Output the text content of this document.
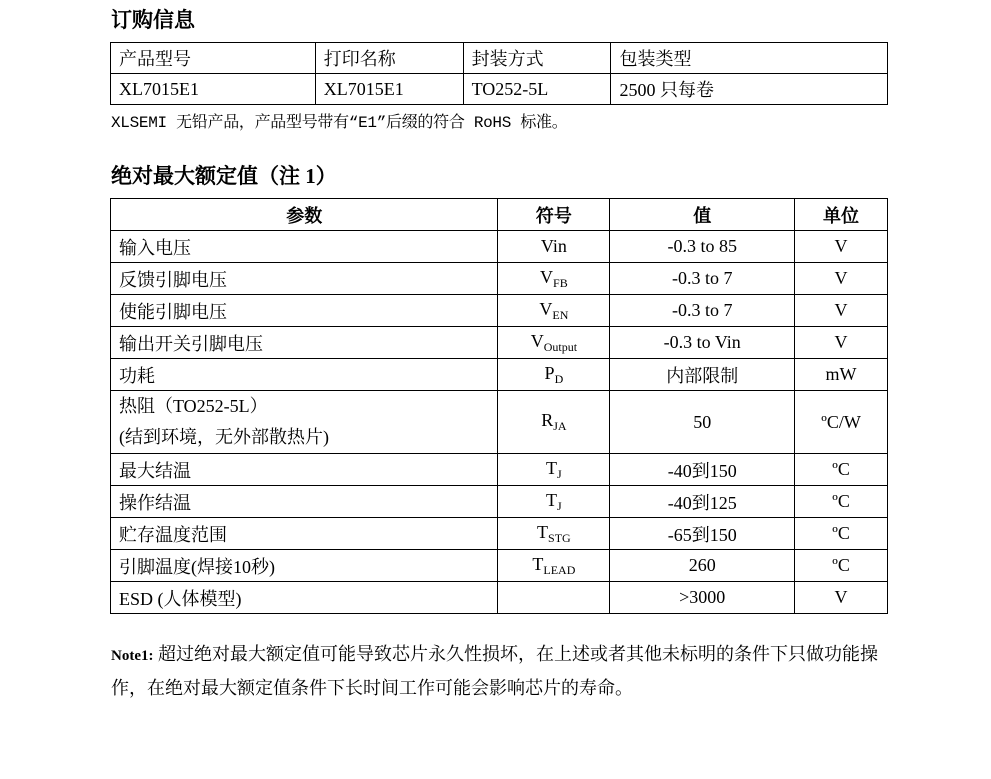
订购信息
产品型号	打印名称	封装方式	包装类型
XL7015E1	XL7015E1	TO252-5L	2500 只每卷
XLSEMI 无铅产品，产品型号带有“E1”后缀的符合 RoHS 标准。
绝对最大额定值（注 1）
参数	符号	值	单位
输入电压	Vin	-0.3 to 85	V
反馈引脚电压	$V_{FB}$	-0.3 to 7	V
使能引脚电压	$V_{EN}$	-0.3 to 7	V
输出开关引脚电压	$V_{Output}$	-0.3 to Vin	V
功耗	$P_D$	内部限制	mW
热阻（TO252-5L）
(结到环境，无外部散热片)	$R_{JA}$	50	ºC/W
最大结温	$T_J$	-40到150	ºC
操作结温	$T_J$	-40到125	ºC
贮存温度范围	$T_{STG}$	-65到150	ºC
引脚温度(焊接10秒)	$T_{LEAD}$	260	ºC
ESD (人体模型)		>3000	V
Note1: 超过绝对最大额定值可能导致芯片永久性损坏，在上述或者其他未标明的条件下只做功能操作，在绝对最大额定值条件下长时间工作可能会影响芯片的寿命。
